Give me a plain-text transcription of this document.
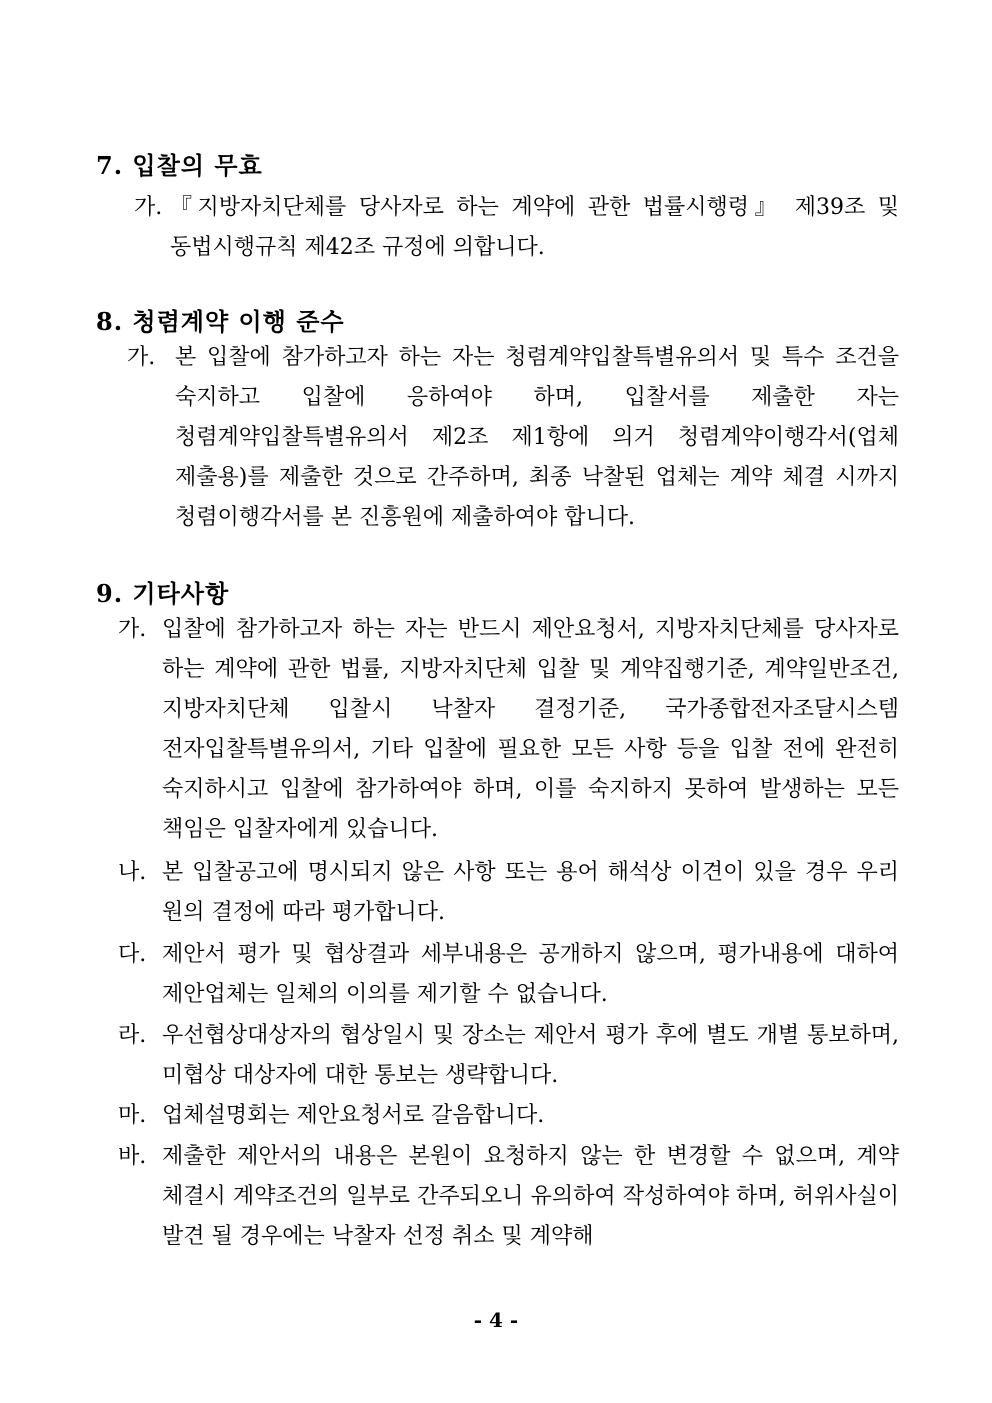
7. 입찰의 무효
가. 『지방자치단체를 당사자로 하는 계약에 관한 법률시행령』 제39조 및 동법시행규칙 제42조 규정에 의합니다.
8. 청렴계약 이행 준수
가. 본 입찰에 참가하고자 하는 자는 청렴계약입찰특별유의서 및 특수 조건을 숙지하고 입찰에 응하여야 하며, 입찰서를 제출한 자는 청렴계약입찰특별유의서 제2조 제1항에 의거 청렴계약이행각서(업체 제출용)를 제출한 것으로 간주하며, 최종 낙찰된 업체는 계약 체결 시까지 청렴이행각서를 본 진흥원에 제출하여야 합니다.
9. 기타사항
가. 입찰에 참가하고자 하는 자는 반드시 제안요청서, 지방자치단체를 당사자로 하는 계약에 관한 법률, 지방자치단체 입찰 및 계약집행기준, 계약일반조건, 지방자치단체 입찰시 낙찰자 결정기준, 국가종합전자조달시스템 전자입찰특별유의서, 기타 입찰에 필요한 모든 사항 등을 입찰 전에 완전히 숙지하시고 입찰에 참가하여야 하며, 이를 숙지하지 못하여 발생하는 모든 책임은 입찰자에게 있습니다.
나. 본 입찰공고에 명시되지 않은 사항 또는 용어 해석상 이견이 있을 경우 우리 원의 결정에 따라 평가합니다.
다. 제안서 평가 및 협상결과 세부내용은 공개하지 않으며, 평가내용에 대하여 제안업체는 일체의 이의를 제기할 수 없습니다.
라. 우선협상대상자의 협상일시 및 장소는 제안서 평가 후에 별도 개별 통보하며, 미협상 대상자에 대한 통보는 생략합니다.
마. 업체설명회는 제안요청서로 갈음합니다.
바. 제출한 제안서의 내용은 본원이 요청하지 않는 한 변경할 수 없으며, 계약 체결시 계약조건의 일부로 간주되오니 유의하여 작성하여야 하며, 허위사실이 발견 될 경우에는 낙찰자 선정 취소 및 계약해
- 4 -
